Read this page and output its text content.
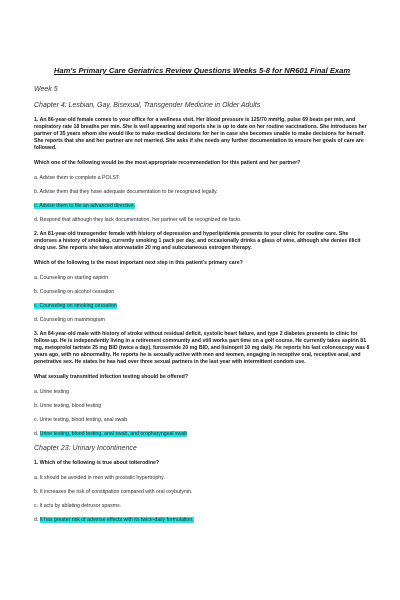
Ham's Primary Care Geriatrics Review Questions Weeks 5-8 for NR601 Final Exam
Week 5
Chapter 4: Lesbian, Gay, Bisexual, Transgender Medicine in Older Adults
1. An 86-year-old female comes to your office for a wellness visit. Her blood pressure is 125/70 mmHg, pulse 69 beats per min, and respiratory rate 18 breaths per min. She is well appearing and reports she is up to date on her routine vaccinations. She introduces her partner of 35 years whom she would like to make medical decisions for her in case she becomes unable to make decisions for herself. She reports that she and her partner are not married. She asks if she needs any further documentation to ensure her goals of care are followed.
Which one of the following would be the most appropriate recommendation for this patient and her partner?
a. Advise them to complete a POLST.
b. Advise them that they have adequate documentation to be recognized legally.
c. Advise them to file an advanced directive.
d. Respond that although they lack documentation, her partner will be recognized de facto.
2. An 81-year-old transgender female with history of depression and hyperlipidemia presents to your clinic for routine care. She endorses a history of smoking, currently smoking 1 pack per day, and occasionally drinks a glass of wine, although she denies illicit drug use. She reports she takes atorvastatin 20 mg and subcutaneous estrogen therapy.
Which of the following is the most important next step in this patient's primary care?
a. Counseling on starting aspirin
b. Counseling on alcohol cessation
c. Counseling on smoking cessation
d. Counseling on mammogram
3. An 84-year-old male with history of stroke without residual deficit, systolic heart failure, and type 2 diabetes presents to clinic for follow-up. He is independently living in a retirement community and still works part time on a golf course. He currently takes aspirin 81 mg, metoprolol tartrate 25 mg BID (twice a day), furosemide 20 mg BID, and lisinopril 10 mg daily. He reports his last colonoscopy was 8 years ago, with no abnormality. He reports he is sexually active with men and women, engaging in receptive oral, receptive anal, and penetrative sex. He states he has had over three sexual partners in the last year with intermittent condom use.
What sexually transmitted infection testing should be offered?
a. Urine testing
b. Urine testing, blood testing
c. Urine testing, blood testing, anal swab
d. Urine testing, blood testing, anal swab, and oropharyngeal swab
Chapter 23: Urinary Incontinence
1. Which of the following is true about tolterodine?
a. It should be avoided in men with prostatic hypertrophy.
b. It increases the risk of constipation compared with oral oxybutynin.
c. It acts by ablating detrusor spasms.
d. It has greater risk of adverse effects with its twice-daily formulation.
